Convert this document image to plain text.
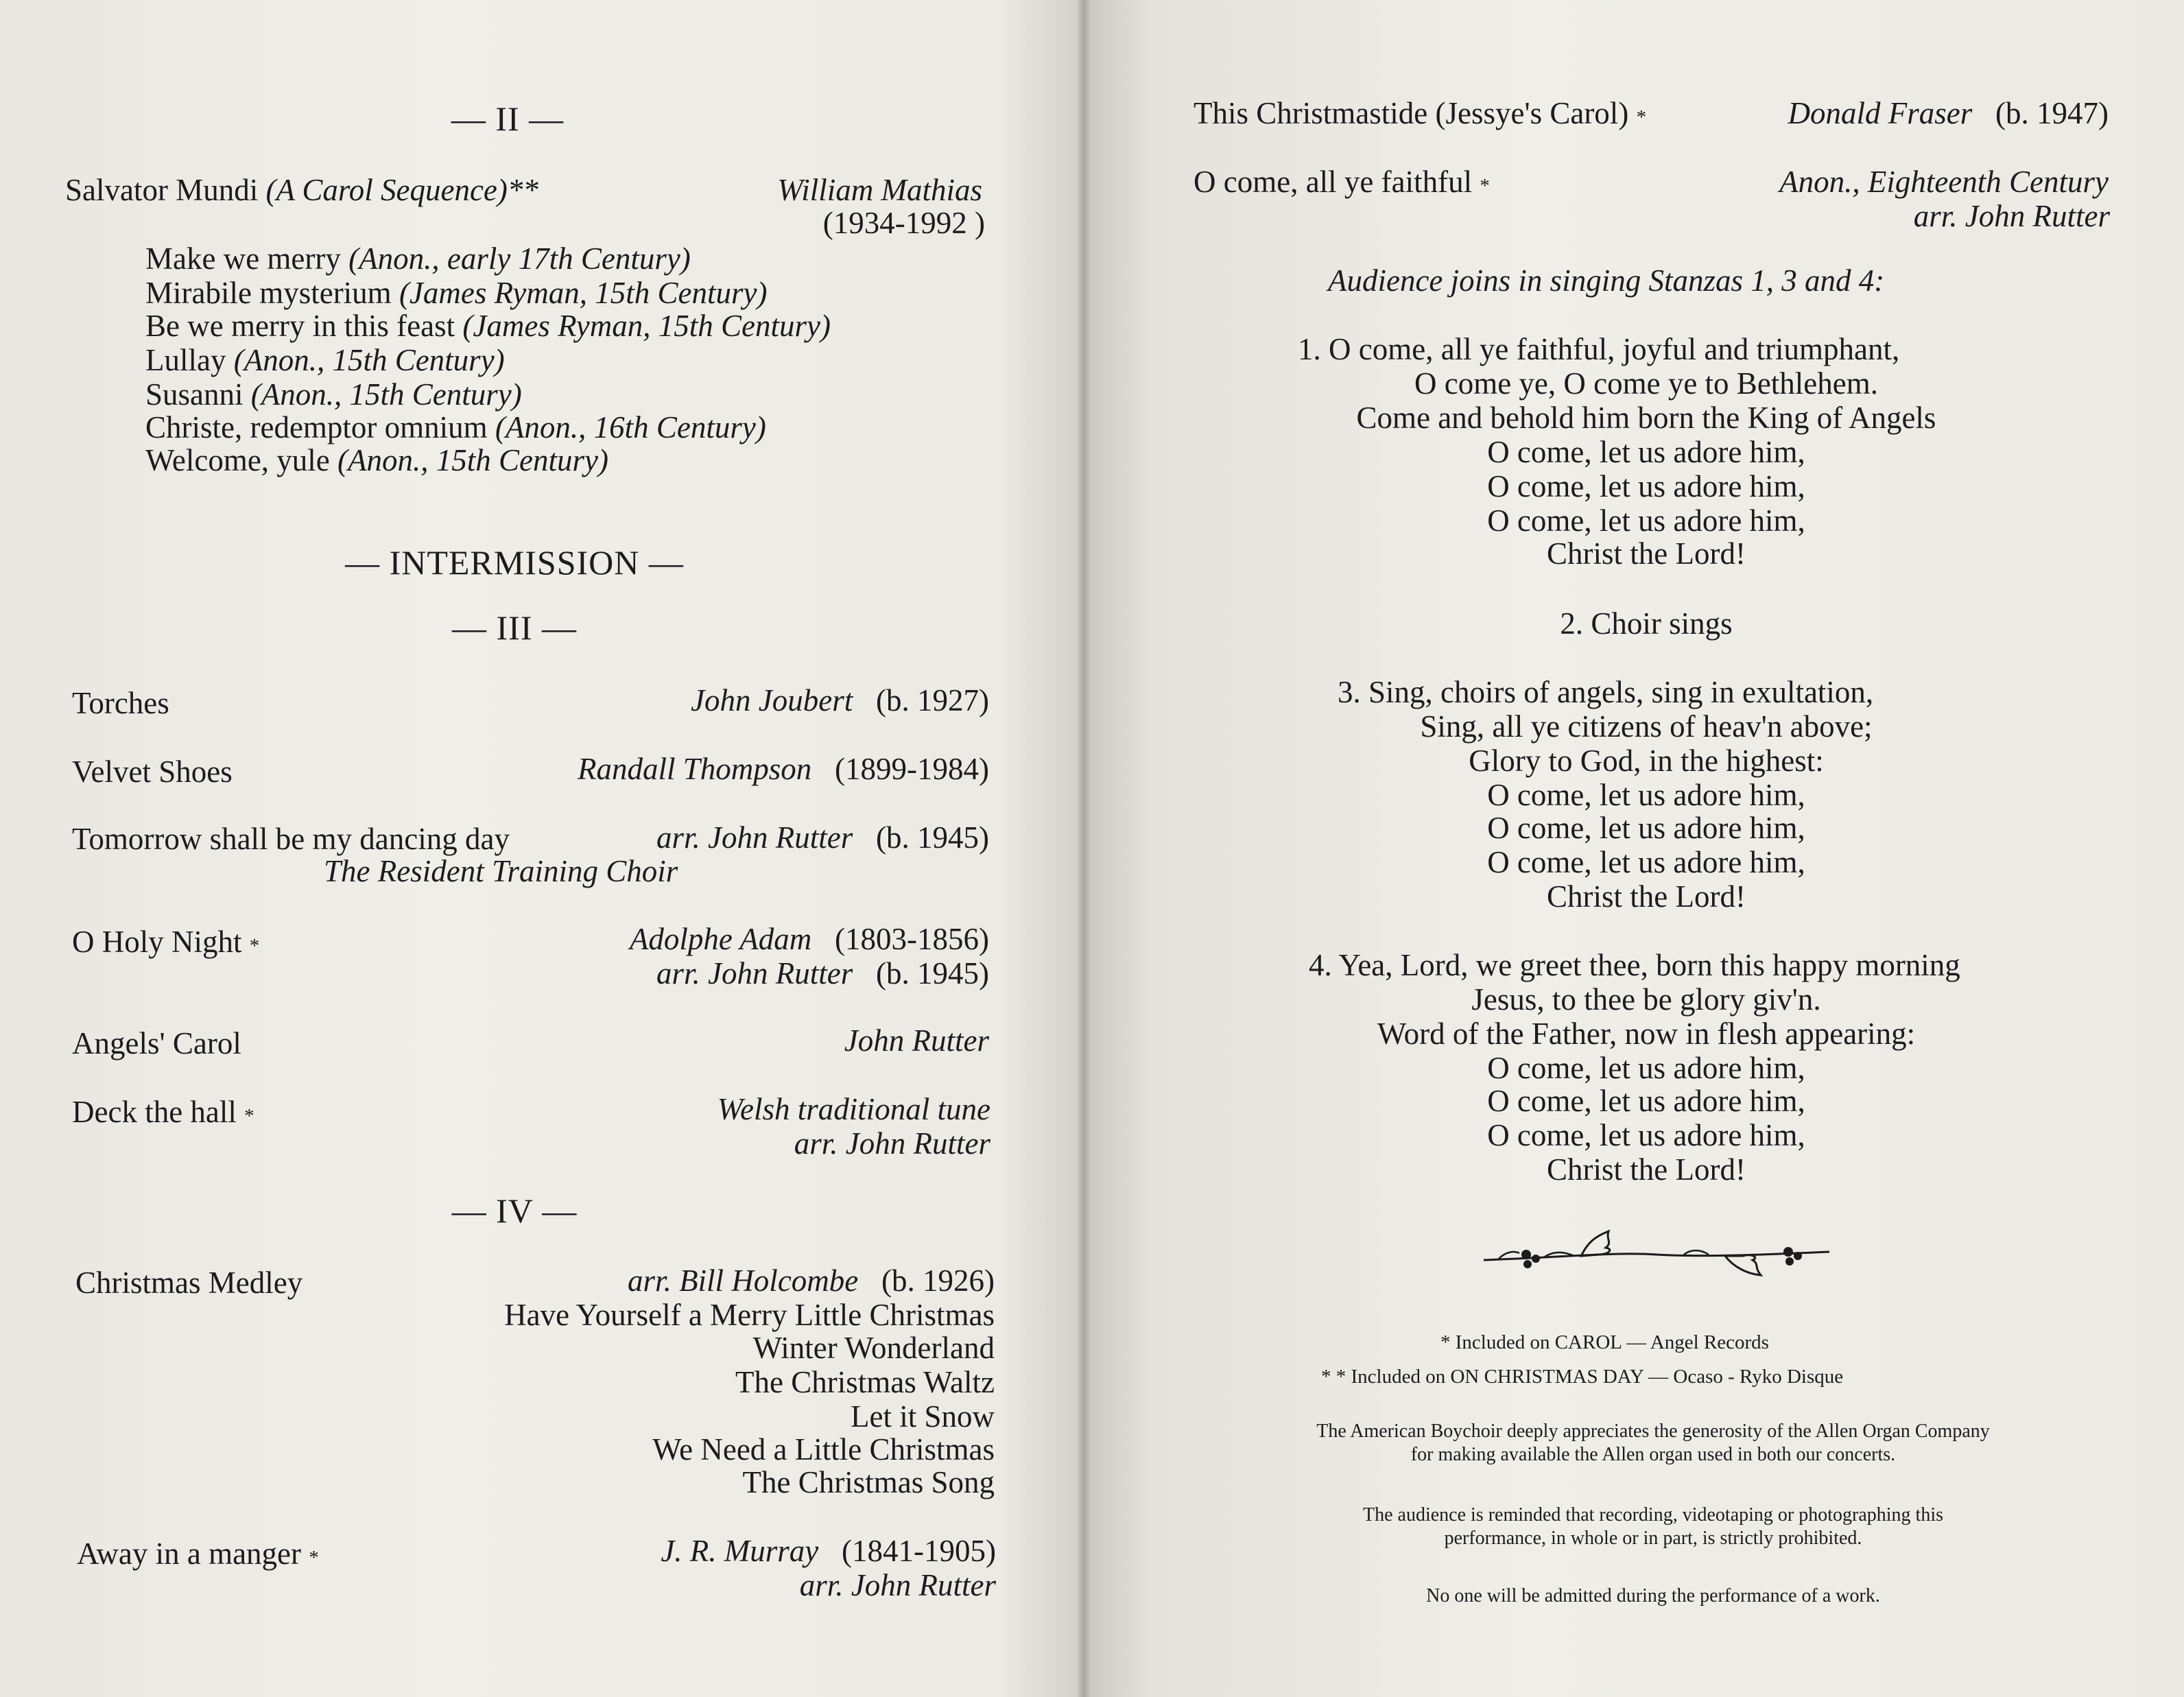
— II —
Salvator Mundi (A Carol Sequence)**	William Mathias
(1934-1992 )
Make we merry (Anon., early 17th Century)
Mirabile mysterium (James Ryman, 15th Century)
Be we merry in this feast (James Ryman, 15th Century)
Lullay (Anon., 15th Century)
Susanni (Anon., 15th Century)
Christe, redemptor omnium (Anon., 16th Century)
Welcome, yule (Anon., 15th Century)
— INTERMISSION —
— III —
Torches	John Joubert (b. 1927)
Velvet Shoes	Randall Thompson (1899-1984)
Tomorrow shall be my dancing day	arr. John Rutter (b. 1945)
The Resident Training Choir
O Holy Night *	Adolphe Adam (1803-1856)
arr. John Rutter (b. 1945)
Angels' Carol	John Rutter
Deck the hall *	Welsh traditional tune
arr. John Rutter
— IV —
Christmas Medley	arr. Bill Holcombe (b. 1926)
Have Yourself a Merry Little Christmas
Winter Wonderland
The Christmas Waltz
Let it Snow
We Need a Little Christmas
The Christmas Song
Away in a manger *	J. R. Murray (1841-1905)
arr. John Rutter
This Christmastide (Jessye's Carol) *	Donald Fraser (b. 1947)
O come, all ye faithful *	Anon., Eighteenth Century
arr. John Rutter
Audience joins in singing Stanzas 1, 3 and 4:
1. O come, all ye faithful, joyful and triumphant,
O come ye, O come ye to Bethlehem.
Come and behold him born the King of Angels
O come, let us adore him,
O come, let us adore him,
O come, let us adore him,
Christ the Lord!
2. Choir sings
3. Sing, choirs of angels, sing in exultation,
Sing, all ye citizens of heav'n above;
Glory to God, in the highest:
O come, let us adore him,
O come, let us adore him,
O come, let us adore him,
Christ the Lord!
4. Yea, Lord, we greet thee, born this happy morning
Jesus, to thee be glory giv'n.
Word of the Father, now in flesh appearing:
O come, let us adore him,
O come, let us adore him,
O come, let us adore him,
Christ the Lord!
* Included on CAROL — Angel Records
* * Included on ON CHRISTMAS DAY — Ocaso - Ryko Disque
The American Boychoir deeply appreciates the generosity of the Allen Organ Company
for making available the Allen organ used in both our concerts.
The audience is reminded that recording, videotaping or photographing this
performance, in whole or in part, is strictly prohibited.
No one will be admitted during the performance of a work.
